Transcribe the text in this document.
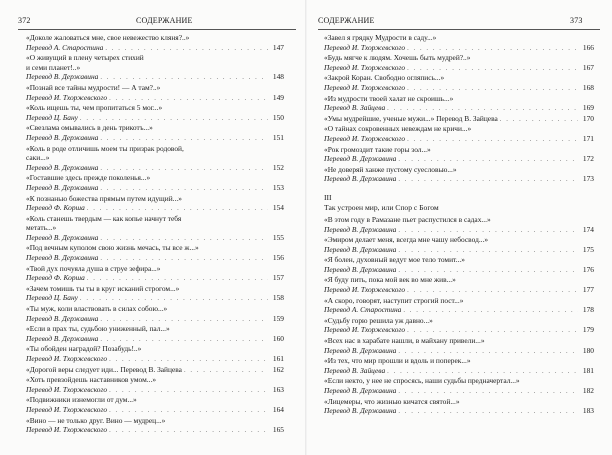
372	СОДЕРЖАНИЕ
«Доколе жаловаться мне, свое невежество кляня?..»
Перевод А. Старостина . . .	147
«О живущий в плену четырех стихий
и семи планет!..»
Перевод В. Державина . . .	148
«Познай все тайны мудрости! — А там?..»
Перевод И. Тхоржевского . . .	149
«Коль ищешь ты, чем пропитаться 5 мог...»
Перевод Ц. Бану . . .	150
«Свезлама омывались в день трикотъ...»
Перевод В. Державина . . .	151
«Коль в роде отличишь моем ты призрак родовой,
саки...»
Перевод В. Державина . . .	152
«Гоставшие здесь прежде поколенья...»
Перевод В. Державина . . .	153
«К познанью божества прямым путем идущий...»
Перевод Ф. Корша . . .	154
«Коль станешь твердым — как копье начнут тебя
метать...»
Перевод В. Державина . . .	155
«Под вечным куполом свою жизнь мечась, ты все ж...»
Перевод В. Державина . . .	156
«Твой дух почуяла душа в струе зефира...»
Перевод Ф. Корша . . .	157
«Зачем томишь ты ты в круг исканий строгом...»
Перевод Ц. Бану . . .	158
«Ты муж, коли властвовать в силах собою...»
Перевод В. Державина . . .	159
«Если в прах ты, судьбою униженный, пал...»
Перевод В. Державина . . .	160
«Ты обойден наградой? Позабудь!..»
Перевод И. Тхоржевского . . .	161
«Дорогой веры следует иди... Перевод В. Зайцева . . .	162
«Хоть превзойдешь наставников умом...»
Перевод И. Тхоржевского . . .	163
«Подвижники изнемогли от дум...»
Перевод И. Тхоржевского . . .	164
«Вино — не только друг. Вино — мудрец...»
Перевод И. Тхоржевского . . .	165
СОДЕРЖАНИЕ	373
«Завел я грядку Мудрости в саду...»
Перевод И. Тхоржевского . . .	166
«Будь мягче к людям. Хочешь быть мудрей?..»
Перевод И. Тхоржевского . . .	167
«Закрой Коран. Свободно огляпись...»
Перевод И. Тхоржевского . . .	168
«Из мудрости твоей халат не скроишь...»
Перевод В. Зайцева . . .	169
«Умы мудрейшие, ученые мужи...» Перевод В. Зайцева . . .	170
«О тайнах сокровенных невеждам не кричи...»
Перевод И. Тхоржевского . . .	171
«Рок громоздит такие горы зол...»
Перевод В. Державина . . .	172
«Не доверяй ханже пустому суесловью...»
Перевод В. Державина . . .	173
III
Так устроен мир, или Спор с Богом
«В этом году в Рамазане пьет распустился в садах...»
Перевод В. Державина . . .	174
«Эмиром делает меня, всегда мне чашу небосвод...»
Перевод В. Державина . . .	175
«Я болен, духовный ведут мое тело томит...»
Перевод В. Державина . . .	176
«Я буду пить, пока мой век во мне жив...»
Перевод И. Тхоржевского . . .	177
«А скоро, говорят, наступит строгий пост...»
Перевод А. Старостина . . .	178
«Судьбу горю решила уж давно...»
Перевод И. Тхоржевского . . .	179
«Всех нас в харабате нашли, в майхану привели...»
Перевод В. Державина . . .	180
«Из тех, что мир прошли и вдоль и поперек...»
Перевод В. Зайцева . . .	181
«Если некто, у нее не спросясь, наши судьбы предначертал...»
Перевод В. Державина . . .	182
«Лицемеры, что жизнью кичатся святой...»
Перевод В. Державина . . .	183
